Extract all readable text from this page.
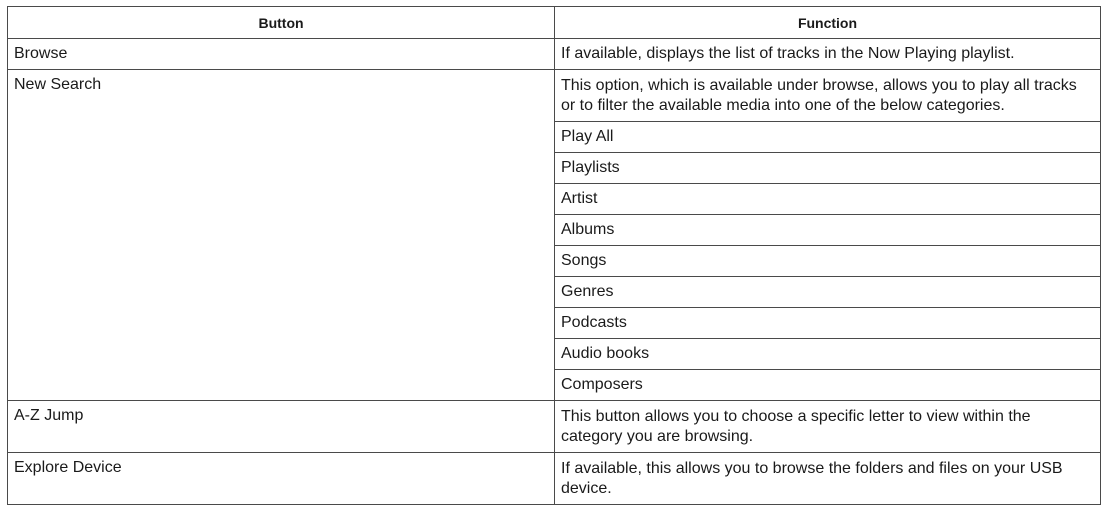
Button	Function
Browse	If available, displays the list of tracks in the Now Playing playlist.
New Search	This option, which is available under browse, allows you to play all tracks or to filter the available media into one of the below categories.
	Play All
	Playlists
	Artist
	Albums
	Songs
	Genres
	Podcasts
	Audio books
	Composers
A-Z Jump	This button allows you to choose a specific letter to view within the category you are browsing.
Explore Device	If available, this allows you to browse the folders and files on your USB device.
